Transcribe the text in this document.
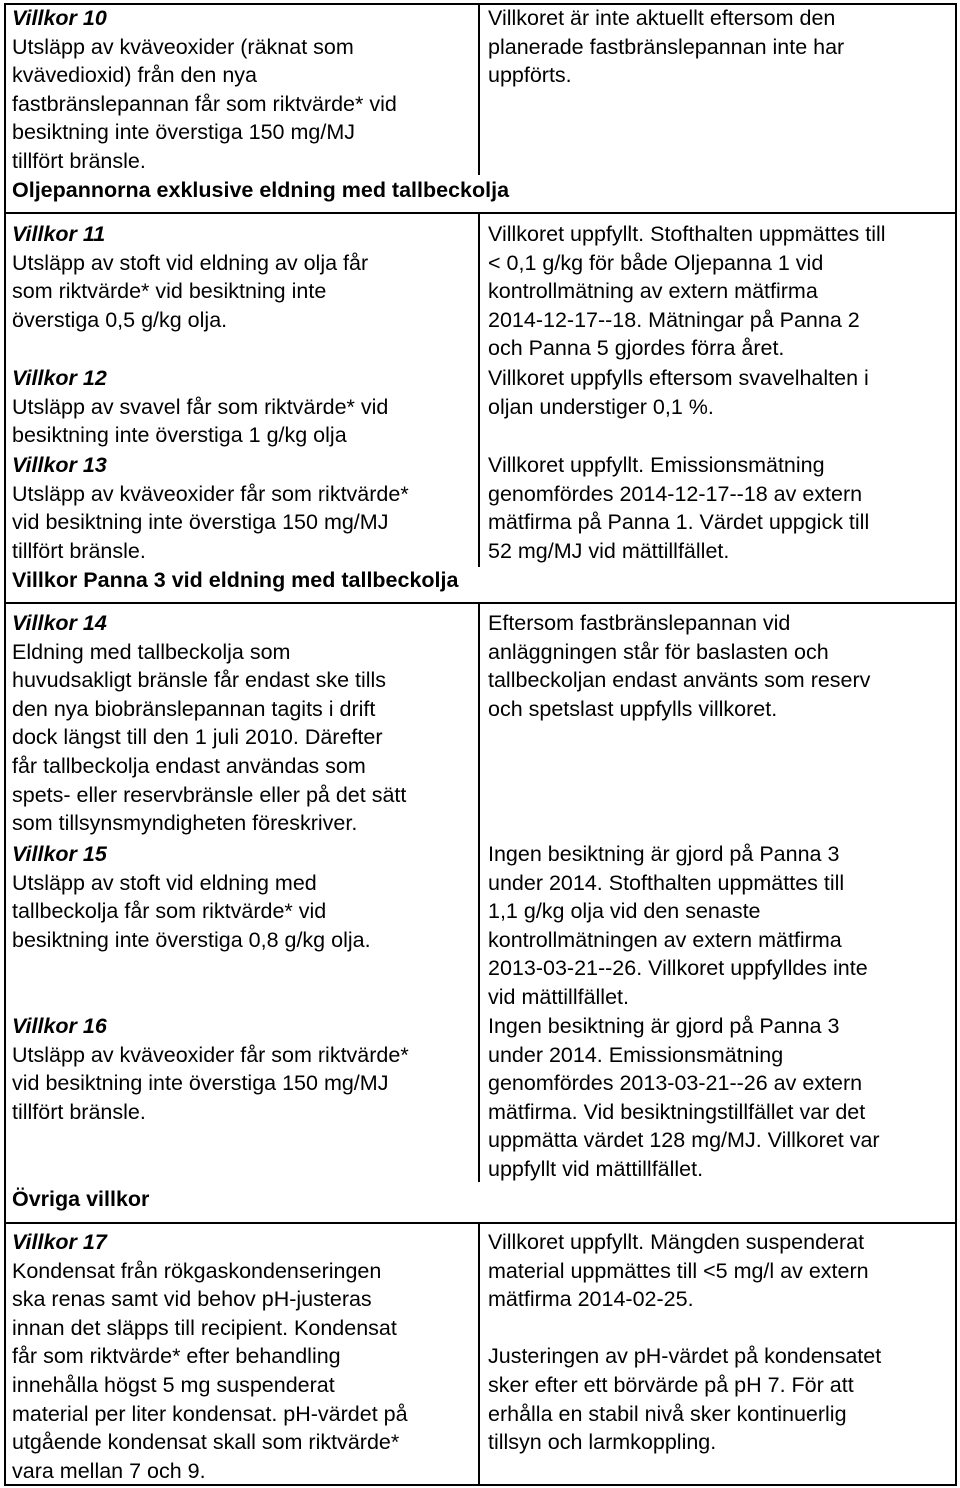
Oljepannorna exklusive eldning med tallbeckolja
Villkor Panna 3 vid eldning med tallbeckolja
Övriga villkor
Villkor 10
Utsläpp av kväveoxider (räknat som
kvävedioxid) från den nya
fastbränslepannan får som riktvärde* vid
besiktning inte överstiga 150 mg/MJ
tillfört bränsle.
Villkoret är inte aktuellt eftersom den
planerade fastbränslepannan inte har
uppförts.
Villkor 11
Utsläpp av stoft vid eldning av olja får
som riktvärde* vid besiktning inte
överstiga 0,5 g/kg olja.
Villkoret uppfyllt. Stofthalten uppmättes till
< 0,1 g/kg för både Oljepanna 1 vid
kontrollmätning av extern mätfirma
2014-12-17--18. Mätningar på Panna 2
och Panna 5 gjordes förra året.
Villkor 12
Utsläpp av svavel får som riktvärde* vid
besiktning inte överstiga 1 g/kg olja
Villkoret uppfylls eftersom svavelhalten i
oljan understiger 0,1 %.
Villkor 13
Utsläpp av kväveoxider får som riktvärde*
vid besiktning inte överstiga 150 mg/MJ
tillfört bränsle.
Villkoret uppfyllt. Emissionsmätning
genomfördes 2014-12-17--18 av extern
mätfirma på Panna 1. Värdet uppgick till
52 mg/MJ vid mättillfället.
Villkor 14
Eldning med tallbeckolja som
huvudsakligt bränsle får endast ske tills
den nya biobränslepannan tagits i drift
dock längst till den 1 juli 2010. Därefter
får tallbeckolja endast användas som
spets- eller reservbränsle eller på det sätt
som tillsynsmyndigheten föreskriver.
Eftersom fastbränslepannan vid
anläggningen står för baslasten och
tallbeckoljan endast använts som reserv
och spetslast uppfylls villkoret.
Villkor 15
Utsläpp av stoft vid eldning med
tallbeckolja får som riktvärde* vid
besiktning inte överstiga 0,8 g/kg olja.
Ingen besiktning är gjord på Panna 3
under 2014. Stofthalten uppmättes till
1,1 g/kg olja vid den senaste
kontrollmätningen av extern mätfirma
2013-03-21--26. Villkoret uppfylldes inte
vid mättillfället.
Villkor 16
Utsläpp av kväveoxider får som riktvärde*
vid besiktning inte överstiga 150 mg/MJ
tillfört bränsle.
Ingen besiktning är gjord på Panna 3
under 2014. Emissionsmätning
genomfördes 2013-03-21--26 av extern
mätfirma. Vid besiktningstillfället var det
uppmätta värdet 128 mg/MJ. Villkoret var
uppfyllt vid mättillfället.
Villkor 17
Kondensat från rökgaskondenseringen
ska renas samt vid behov pH-justeras
innan det släpps till recipient. Kondensat
får som riktvärde* efter behandling
innehålla högst 5 mg suspenderat
material per liter kondensat. pH-värdet på
utgående kondensat skall som riktvärde*
vara mellan 7 och 9.
Villkoret uppfyllt. Mängden suspenderat
material uppmättes till <5 mg/l av extern
mätfirma 2014-02-25.
Justeringen av pH-värdet på kondensatet
sker efter ett börvärde på pH 7. För att
erhålla en stabil nivå sker kontinuerlig
tillsyn och larmkoppling.
